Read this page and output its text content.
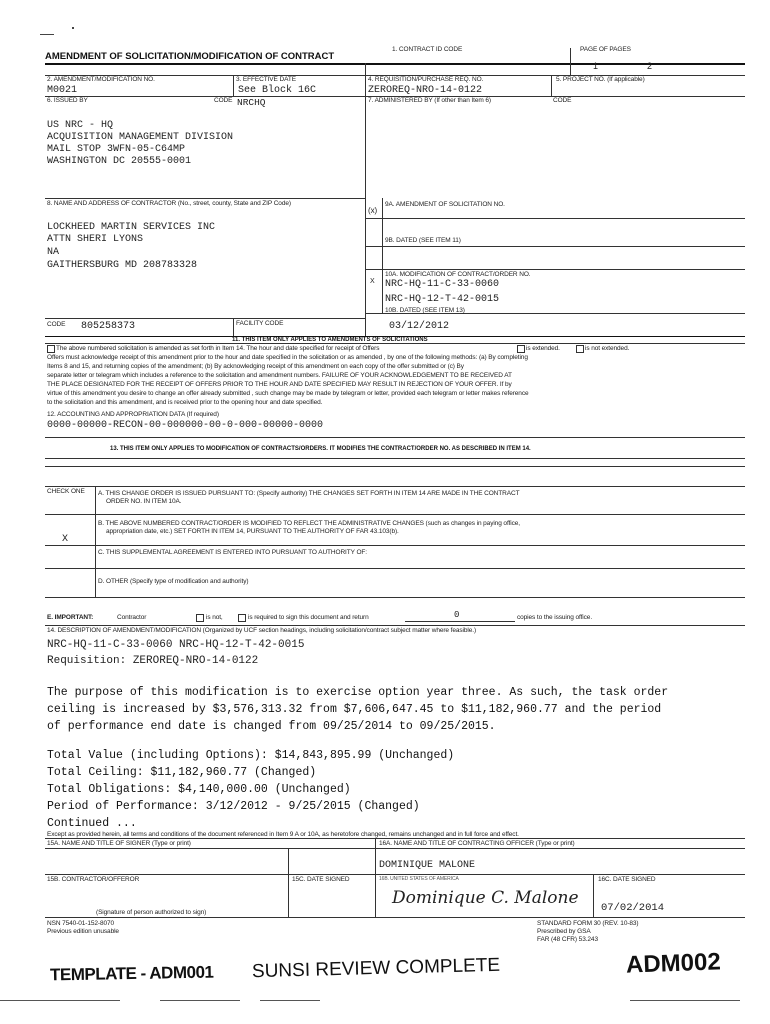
AMENDMENT OF SOLICITATION/MODIFICATION OF CONTRACT
1. CONTRACT ID CODE	PAGE OF PAGES
1	2
2. AMENDMENT/MODIFICATION NO.
M0021
3. EFFECTIVE DATE
See Block 16C
4. REQUISITION/PURCHASE REQ. NO.
ZEROREQ-NRO-14-0122
5. PROJECT NO. (If applicable)
6. ISSUED BY	CODE NRCHQ	7. ADMINISTERED BY (If other than Item 6)	CODE
US NRC - HQ
ACQUISITION MANAGEMENT DIVISION
MAIL STOP 3WFN-05-C64MP
WASHINGTON DC 20555-0001
8. NAME AND ADDRESS OF CONTRACTOR (No., street, county, State and ZIP Code)
LOCKHEED MARTIN SERVICES INC
ATTN SHERI LYONS
NA
GAITHERSBURG MD 208783328
CODE 805258373	FACILITY CODE
(x)
9A. AMENDMENT OF SOLICITATION NO.
9B. DATED (SEE ITEM 11)
X
10A. MODIFICATION OF CONTRACT/ORDER NO.
NRC-HQ-11-C-33-0060
NRC-HQ-12-T-42-0015
10B. DATED (SEE ITEM 13)
03/12/2012
11. THIS ITEM ONLY APPLIES TO AMENDMENTS OF SOLICITATIONS
The above numbered solicitation is amended as set forth in Item 14. The hour and date specified for receipt of Offers	is extended.	is not extended.
Offers must acknowledge receipt of this amendment prior to the hour and date specified in the solicitation or as amended , by one of the following methods: (a) By completing
Items 8 and 15, and returning copies of the amendment; (b) By acknowledging receipt of this amendment on each copy of the offer submitted or (c) By
separate letter or telegram which includes a reference to the solicitation and amendment numbers. FAILURE OF YOUR ACKNOWLEDGEMENT TO BE RECEIVED AT
THE PLACE DESIGNATED FOR THE RECEIPT OF OFFERS PRIOR TO THE HOUR AND DATE SPECIFIED MAY RESULT IN REJECTION OF YOUR OFFER. If by
virtue of this amendment you desire to change an offer already submitted , such change may be made by telegram or letter, provided each telegram or letter makes reference
to the solicitation and this amendment, and is received prior to the opening hour and date specified.
12. ACCOUNTING AND APPROPRIATION DATA (If required)
0000-00000-RECON-00-000000-00-0-000-00000-0000
13. THIS ITEM ONLY APPLIES TO MODIFICATION OF CONTRACTS/ORDERS. IT MODIFIES THE CONTRACT/ORDER NO. AS DESCRIBED IN ITEM 14.
CHECK ONE A. THIS CHANGE ORDER IS ISSUED PURSUANT TO: (Specify authority) THE CHANGES SET FORTH IN ITEM 14 ARE MADE IN THE CONTRACT
ORDER NO. IN ITEM 10A.
B. THE ABOVE NUMBERED CONTRACT/ORDER IS MODIFIED TO REFLECT THE ADMINISTRATIVE CHANGES (such as changes in paying office,
appropriation date, etc.) SET FORTH IN ITEM 14, PURSUANT TO THE AUTHORITY OF FAR 43.103(b).
X
C. THIS SUPPLEMENTAL AGREEMENT IS ENTERED INTO PURSUANT TO AUTHORITY OF:
D. OTHER (Specify type of modification and authority)
E. IMPORTANT:	Contractor	is not,	is required to sign this document and return	0	copies to the issuing office.
14. DESCRIPTION OF AMENDMENT/MODIFICATION (Organized by UCF section headings, including solicitation/contract subject matter where feasible.)
NRC-HQ-11-C-33-0060 NRC-HQ-12-T-42-0015
Requisition: ZEROREQ-NRO-14-0122
The purpose of this modification is to exercise option year three. As such, the task order
ceiling is increased by $3,576,313.32 from $7,606,647.45 to $11,182,960.77 and the period
of performance end date is changed from 09/25/2014 to 09/25/2015.
Total Value (including Options): $14,843,895.99 (Unchanged)
Total Ceiling: $11,182,960.77 (Changed)
Total Obligations: $4,140,000.00 (Unchanged)
Period of Performance: 3/12/2012 - 9/25/2015 (Changed)
Continued ...
Except as provided herein, all terms and conditions of the document referenced in Item 9 A or 10A, as heretofore changed, remains unchanged and in full force and effect.
15A. NAME AND TITLE OF SIGNER (Type or print)	16A. NAME AND TITLE OF CONTRACTING OFFICER (Type or print)
DOMINIQUE MALONE
15B. CONTRACTOR/OFFEROR	15C. DATE SIGNED	16B. UNITED STATES OF AMERICA	16C. DATE SIGNED
07/02/2014
Dominique C. Malone
(Signature of person authorized to sign)
NSN 7540-01-152-8070
Previous edition unusable
STANDARD FORM 30 (REV. 10-83)
Prescribed by GSA
FAR (48 CFR) 53.243
TEMPLATE - ADM001 SUNSI REVIEW COMPLETE	ADM002
